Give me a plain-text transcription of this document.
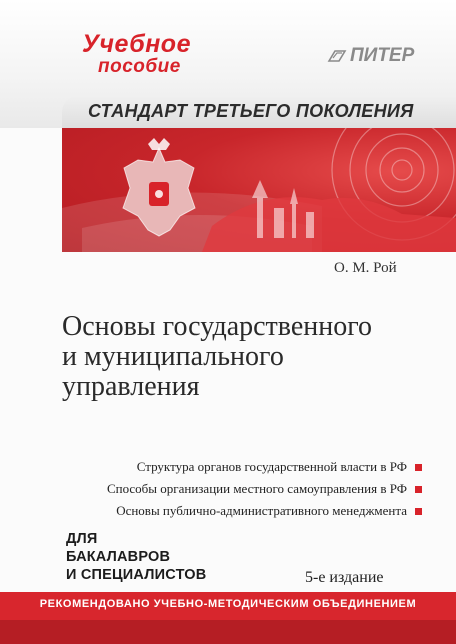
Учебное
пособие
ПИТЕР
СТАНДАРТ ТРЕТЬЕГО ПОКОЛЕНИЯ
О. М. Рой
Основы государственного
и муниципального
управления
Структура органов государственной власти в РФ
Способы организации местного самоуправления в РФ
Основы публично-административного менеджмента
ДЛЯ
БАКАЛАВРОВ
И СПЕЦИАЛИСТОВ	5-е издание
РЕКОМЕНДОВАНО УЧЕБНО-МЕТОДИЧЕСКИМ ОБЪЕДИНЕНИЕМ
